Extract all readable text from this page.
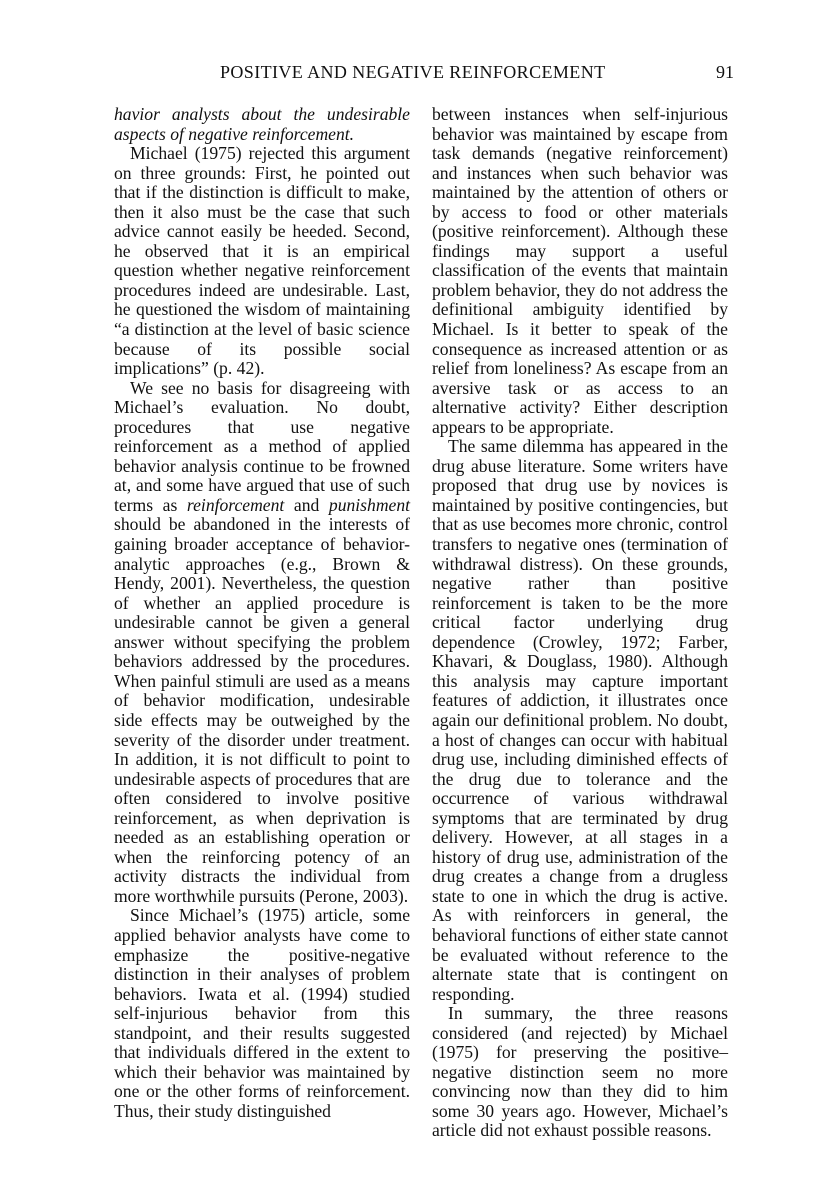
POSITIVE AND NEGATIVE REINFORCEMENT	91

havior analysts about the undesirable aspects of negative reinforcement.

Michael (1975) rejected this argument on three grounds: First, he pointed out that if the distinction is difficult to make, then it also must be the case that such advice cannot easily be heeded. Second, he observed that it is an empirical question whether negative reinforcement procedures indeed are undesirable. Last, he questioned the wisdom of maintaining “a distinction at the level of basic science because of its possible social implications” (p. 42).

We see no basis for disagreeing with Michael’s evaluation. No doubt, procedures that use negative reinforcement as a method of applied behavior analysis continue to be frowned at, and some have argued that use of such terms as reinforcement and punishment should be abandoned in the interests of gaining broader acceptance of behavior-analytic approaches (e.g., Brown & Hendy, 2001). Nevertheless, the question of whether an applied procedure is undesirable cannot be given a general answer without specifying the problem behaviors addressed by the procedures. When painful stimuli are used as a means of behavior modification, undesirable side effects may be outweighed by the severity of the disorder under treatment. In addition, it is not difficult to point to undesirable aspects of procedures that are often considered to involve positive reinforcement, as when deprivation is needed as an establishing operation or when the reinforcing potency of an activity distracts the individual from more worthwhile pursuits (Perone, 2003).

Since Michael’s (1975) article, some applied behavior analysts have come to emphasize the positive-negative distinction in their analyses of problem behaviors. Iwata et al. (1994) studied self-injurious behavior from this standpoint, and their results suggested that individuals differed in the extent to which their behavior was maintained by one or the other forms of reinforcement. Thus, their study distinguished

between instances when self-injurious behavior was maintained by escape from task demands (negative reinforcement) and instances when such behavior was maintained by the attention of others or by access to food or other materials (positive reinforcement). Although these findings may support a useful classification of the events that maintain problem behavior, they do not address the definitional ambiguity identified by Michael. Is it better to speak of the consequence as increased attention or as relief from loneliness? As escape from an aversive task or as access to an alternative activity? Either description appears to be appropriate.

The same dilemma has appeared in the drug abuse literature. Some writers have proposed that drug use by novices is maintained by positive contingencies, but that as use becomes more chronic, control transfers to negative ones (termination of withdrawal distress). On these grounds, negative rather than positive reinforcement is taken to be the more critical factor underlying drug dependence (Crowley, 1972; Farber, Khavari, & Douglass, 1980). Although this analysis may capture important features of addiction, it illustrates once again our definitional problem. No doubt, a host of changes can occur with habitual drug use, including diminished effects of the drug due to tolerance and the occurrence of various withdrawal symptoms that are terminated by drug delivery. However, at all stages in a history of drug use, administration of the drug creates a change from a drugless state to one in which the drug is active. As with reinforcers in general, the behavioral functions of either state cannot be evaluated without reference to the alternate state that is contingent on responding.

In summary, the three reasons considered (and rejected) by Michael (1975) for preserving the positive–negative distinction seem no more convincing now than they did to him some 30 years ago. However, Michael’s article did not exhaust possible reasons.
